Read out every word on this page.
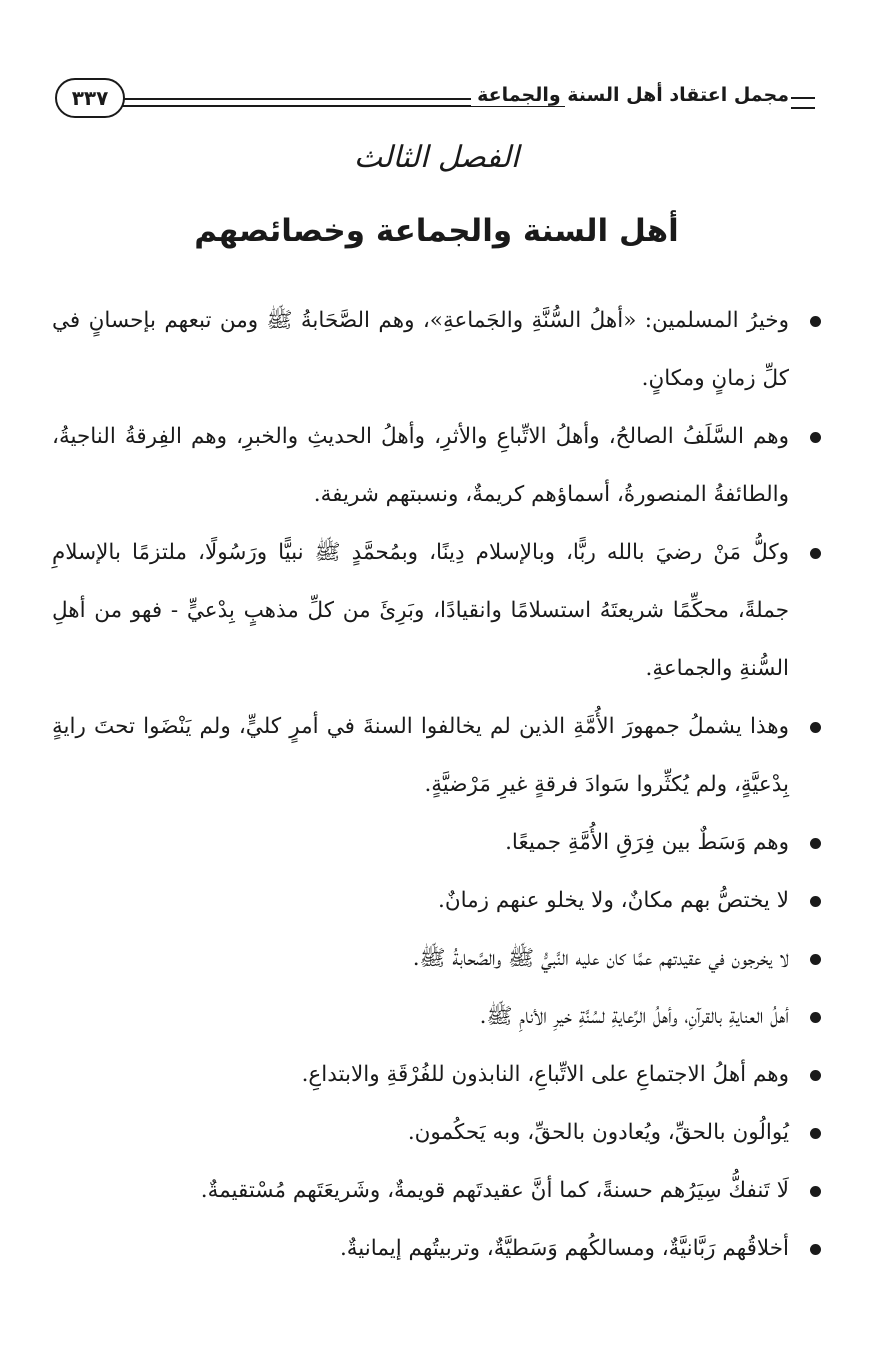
مجمل اعتقاد أهل السنة والجماعة
٣٣٧
الفصل الثالث
أهل السنة والجماعة وخصائصهم
وخيرُ المسلمين: «أهلُ السُّنَّةِ والجَماعةِ»، وهم الصَّحَابةُ ﷺ ومن تبعهم بإحسانٍ في كلِّ زمانٍ ومكانٍ.
وهم السَّلَفُ الصالحُ، وأهلُ الاتِّباعِ والأثرِ، وأهلُ الحديثِ والخبرِ، وهم الفِرقةُ الناجيةُ، والطائفةُ المنصورةُ، أسماؤهم كريمةٌ، ونسبتهم شريفة.
وكلُّ مَنْ رضيَ بالله ربًّا، وبالإسلام دِينًا، وبمُحمَّدٍ ﷺ نبيًّا ورَسُولًا، ملتزمًا بالإسلامِ جملةً، محكِّمًا شريعتَهُ استسلامًا وانقيادًا، وبَرِئَ من كلِّ مذهبٍ بِدْعيٍّ - فهو من أهلِ السُّنةِ والجماعةِ.
وهذا يشملُ جمهورَ الأُمَّةِ الذين لم يخالفوا السنةَ في أمرٍ كليٍّ، ولم يَنْضَوا تحتَ رايةٍ بِدْعيَّةٍ، ولم يُكثِّروا سَوادَ فرقةٍ غيرِ مَرْضيَّةٍ.
وهم وَسَطٌ بين فِرَقِ الأُمَّةِ جميعًا.
لا يختصُّ بهم مكانٌ، ولا يخلو عنهم زمانٌ.
لا يخرجون في عقيدتهم عمَّا كان عليه النَّبيُّ ﷺ والصَّحابةُ ﷺ.
أهلُ العنايةِ بالقرآنِ، وأهلُ الرِّعايةِ لسُنَّةِ خيرِ الأنامِ ﷺ.
وهم أهلُ الاجتماعِ على الاتِّباعِ، النابذون للفُرْقَةِ والابتداعِ.
يُوالُون بالحقِّ، ويُعادون بالحقِّ، وبه يَحكُمون.
لَا تَنفكُّ سِيَرُهم حسنةً، كما أنَّ عقيدتَهم قويمةٌ، وشَريعَتَهم مُسْتقيمةٌ.
أخلاقُهم رَبَّانيَّةٌ، ومسالكُهم وَسَطيَّةٌ، وتربيتُهم إيمانيةٌ.
